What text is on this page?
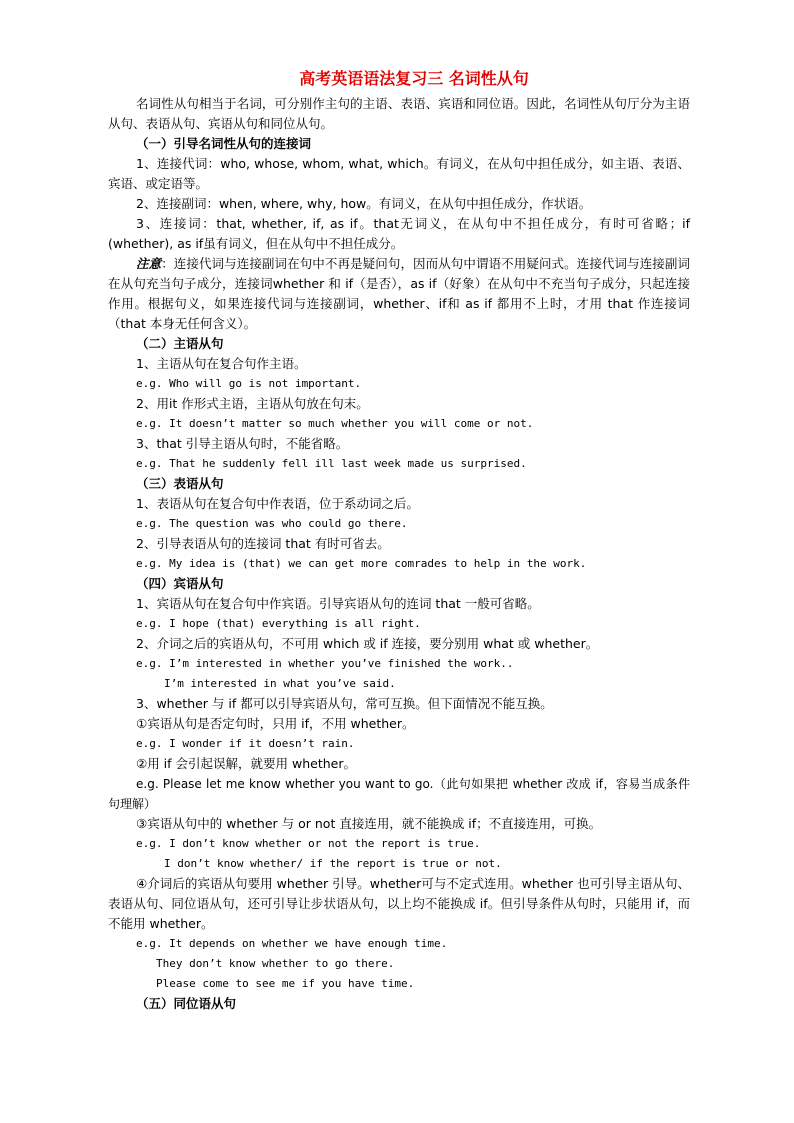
高考英语语法复习三 名词性从句
名词性从句相当于名词，可分别作主句的主语、表语、宾语和同位语。因此，名词性从句厅分为主语从句、表语从句、宾语从句和同位从句。
（一）引导名词性从句的连接词
1、连接代词：who, whose, whom, what, which。有词义，在从句中担任成分，如主语、表语、宾语、或定语等。
2、连接副词：when, where, why, how。有词义，在从句中担任成分，作状语。
3、连接词：that, whether, if, as if。that无词义，在从句中不担任成分，有时可省略；if (whether), as if虽有词义，但在从句中不担任成分。
注意：连接代词与连接副词在句中不再是疑问句，因而从句中谓语不用疑问式。连接代词与连接副词在从句充当句子成分，连接词whether 和 if（是否），as if（好象）在从句中不充当句子成分，只起连接作用。根据句义，如果连接代词与连接副词，whether、if和 as if 都用不上时，才用 that 作连接词（that 本身无任何含义）。
（二）主语从句
1、主语从句在复合句作主语。
e.g. Who will go is not important.
2、用it 作形式主语，主语从句放在句末。
e.g. It doesn’t matter so much whether you will come or not.
3、that 引导主语从句时，不能省略。
e.g. That he suddenly fell ill last week made us surprised.
（三）表语从句
1、表语从句在复合句中作表语，位于系动词之后。
e.g. The question was who could go there.
2、引导表语从句的连接词 that 有时可省去。
e.g. My idea is (that) we can get more comrades to help in the work.
（四）宾语从句
1、宾语从句在复合句中作宾语。引导宾语从句的连词 that 一般可省略。
e.g. I hope (that) everything is all right.
2、介词之后的宾语从句，不可用 which 或 if 连接，要分别用 what 或 whether。
e.g. I’m interested in whether you’ve finished the work..
I’m interested in what you’ve said.
3、whether 与 if 都可以引导宾语从句，常可互换。但下面情况不能互换。
①宾语从句是否定句时，只用 if，不用 whether。
e.g. I wonder if it doesn’t rain.
②用 if 会引起误解，就要用 whether。
e.g. Please let me know whether you want to go.（此句如果把 whether 改成 if，容易当成条件句理解）
③宾语从句中的 whether 与 or not 直接连用，就不能换成 if；不直接连用，可换。
e.g. I don’t know whether or not the report is true.
I don’t know whether/ if the report is true or not.
④介词后的宾语从句要用 whether 引导。whether可与不定式连用。whether 也可引导主语从句、表语从句、同位语从句，还可引导让步状语从句，以上均不能换成 if。但引导条件从句时，只能用 if，而不能用 whether。
e.g. It depends on whether we have enough time.
They don’t know whether to go there.
Please come to see me if you have time.
（五）同位语从句
